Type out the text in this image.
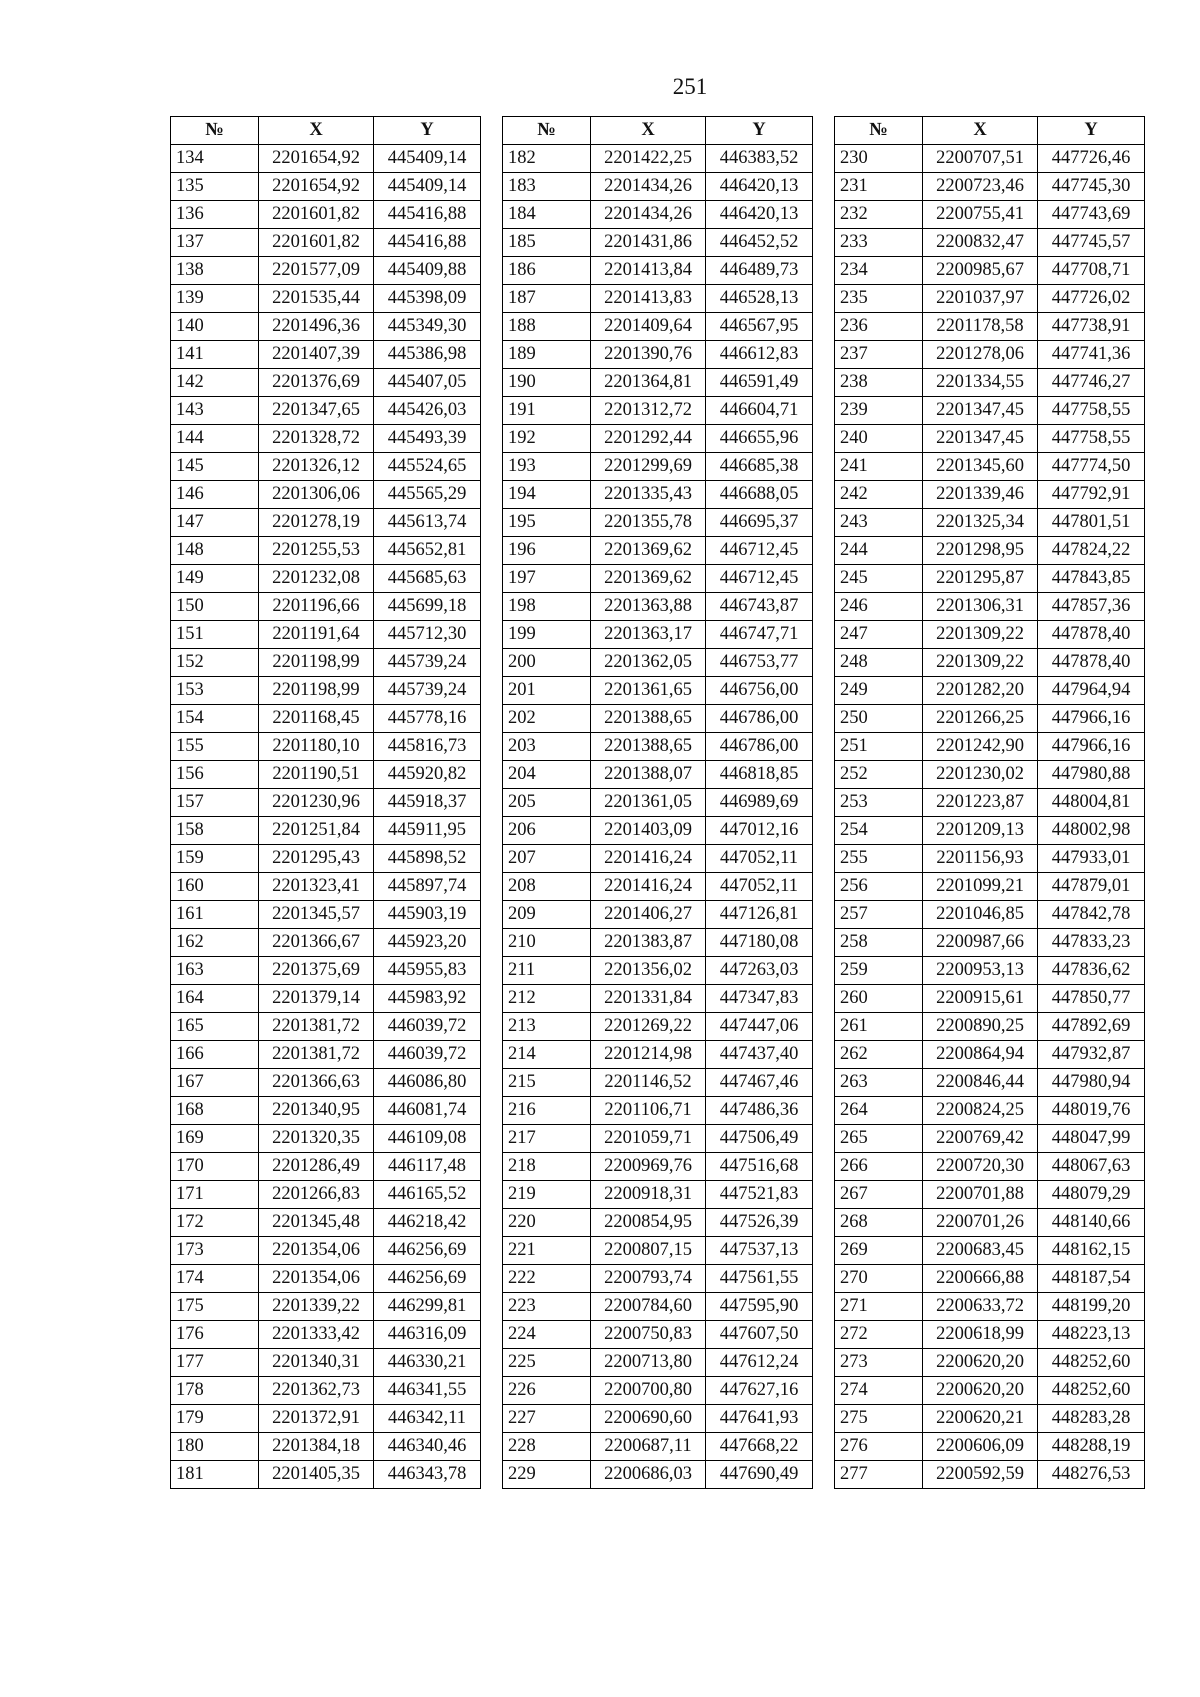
251
№	X	Y
134	2201654,92	445409,14
135	2201654,92	445409,14
136	2201601,82	445416,88
137	2201601,82	445416,88
138	2201577,09	445409,88
139	2201535,44	445398,09
140	2201496,36	445349,30
141	2201407,39	445386,98
142	2201376,69	445407,05
143	2201347,65	445426,03
144	2201328,72	445493,39
145	2201326,12	445524,65
146	2201306,06	445565,29
147	2201278,19	445613,74
148	2201255,53	445652,81
149	2201232,08	445685,63
150	2201196,66	445699,18
151	2201191,64	445712,30
152	2201198,99	445739,24
153	2201198,99	445739,24
154	2201168,45	445778,16
155	2201180,10	445816,73
156	2201190,51	445920,82
157	2201230,96	445918,37
158	2201251,84	445911,95
159	2201295,43	445898,52
160	2201323,41	445897,74
161	2201345,57	445903,19
162	2201366,67	445923,20
163	2201375,69	445955,83
164	2201379,14	445983,92
165	2201381,72	446039,72
166	2201381,72	446039,72
167	2201366,63	446086,80
168	2201340,95	446081,74
169	2201320,35	446109,08
170	2201286,49	446117,48
171	2201266,83	446165,52
172	2201345,48	446218,42
173	2201354,06	446256,69
174	2201354,06	446256,69
175	2201339,22	446299,81
176	2201333,42	446316,09
177	2201340,31	446330,21
178	2201362,73	446341,55
179	2201372,91	446342,11
180	2201384,18	446340,46
181	2201405,35	446343,78
№	X	Y
182	2201422,25	446383,52
183	2201434,26	446420,13
184	2201434,26	446420,13
185	2201431,86	446452,52
186	2201413,84	446489,73
187	2201413,83	446528,13
188	2201409,64	446567,95
189	2201390,76	446612,83
190	2201364,81	446591,49
191	2201312,72	446604,71
192	2201292,44	446655,96
193	2201299,69	446685,38
194	2201335,43	446688,05
195	2201355,78	446695,37
196	2201369,62	446712,45
197	2201369,62	446712,45
198	2201363,88	446743,87
199	2201363,17	446747,71
200	2201362,05	446753,77
201	2201361,65	446756,00
202	2201388,65	446786,00
203	2201388,65	446786,00
204	2201388,07	446818,85
205	2201361,05	446989,69
206	2201403,09	447012,16
207	2201416,24	447052,11
208	2201416,24	447052,11
209	2201406,27	447126,81
210	2201383,87	447180,08
211	2201356,02	447263,03
212	2201331,84	447347,83
213	2201269,22	447447,06
214	2201214,98	447437,40
215	2201146,52	447467,46
216	2201106,71	447486,36
217	2201059,71	447506,49
218	2200969,76	447516,68
219	2200918,31	447521,83
220	2200854,95	447526,39
221	2200807,15	447537,13
222	2200793,74	447561,55
223	2200784,60	447595,90
224	2200750,83	447607,50
225	2200713,80	447612,24
226	2200700,80	447627,16
227	2200690,60	447641,93
228	2200687,11	447668,22
229	2200686,03	447690,49
№	X	Y
230	2200707,51	447726,46
231	2200723,46	447745,30
232	2200755,41	447743,69
233	2200832,47	447745,57
234	2200985,67	447708,71
235	2201037,97	447726,02
236	2201178,58	447738,91
237	2201278,06	447741,36
238	2201334,55	447746,27
239	2201347,45	447758,55
240	2201347,45	447758,55
241	2201345,60	447774,50
242	2201339,46	447792,91
243	2201325,34	447801,51
244	2201298,95	447824,22
245	2201295,87	447843,85
246	2201306,31	447857,36
247	2201309,22	447878,40
248	2201309,22	447878,40
249	2201282,20	447964,94
250	2201266,25	447966,16
251	2201242,90	447966,16
252	2201230,02	447980,88
253	2201223,87	448004,81
254	2201209,13	448002,98
255	2201156,93	447933,01
256	2201099,21	447879,01
257	2201046,85	447842,78
258	2200987,66	447833,23
259	2200953,13	447836,62
260	2200915,61	447850,77
261	2200890,25	447892,69
262	2200864,94	447932,87
263	2200846,44	447980,94
264	2200824,25	448019,76
265	2200769,42	448047,99
266	2200720,30	448067,63
267	2200701,88	448079,29
268	2200701,26	448140,66
269	2200683,45	448162,15
270	2200666,88	448187,54
271	2200633,72	448199,20
272	2200618,99	448223,13
273	2200620,20	448252,60
274	2200620,20	448252,60
275	2200620,21	448283,28
276	2200606,09	448288,19
277	2200592,59	448276,53
